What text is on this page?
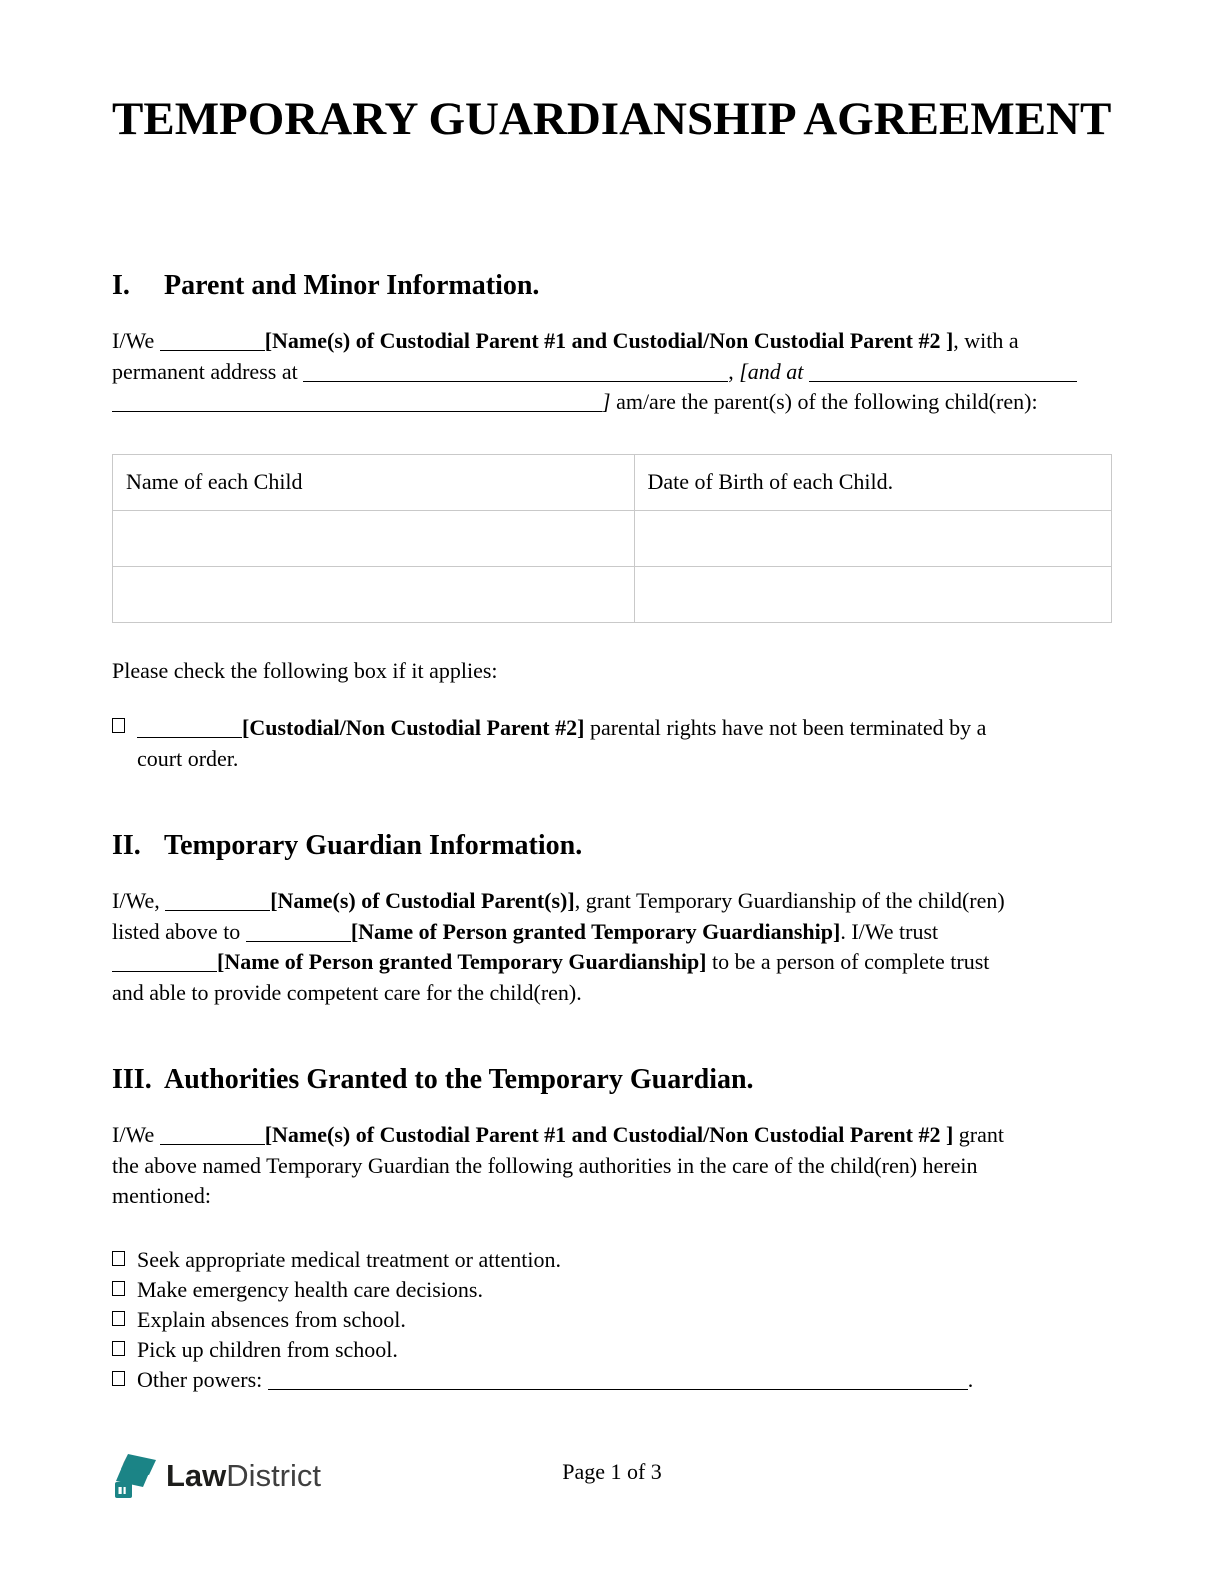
TEMPORARY GUARDIANSHIP AGREEMENT
I. Parent and Minor Information.

I/We	[Name(s) of Custodial Parent #1 and Custodial/Non Custodial Parent #2 ], with a
permanent address at	, [and at
] am/are the parent(s) of the following child(ren):

Name of each Child	Date of Birth of each Child.

Please check the following box if it applies:

[Custodial/Non Custodial Parent #2] parental rights have not been terminated by a
court order.
II. Temporary Guardian Information.

I/We,	[Name(s) of Custodial Parent(s)], grant Temporary Guardianship of the child(ren)
listed above to	[Name of Person granted Temporary Guardianship]. I/We trust
[Name of Person granted Temporary Guardianship] to be a person of complete trust
and able to provide competent care for the child(ren).

III. Authorities Granted to the Temporary Guardian.

I/We	[Name(s) of Custodial Parent #1 and Custodial/Non Custodial Parent #2 ] grant
the above named Temporary Guardian the following authorities in the care of the child(ren) herein
mentioned:

Seek appropriate medical treatment or attention.
Make emergency health care decisions.
Explain absences from school.
Pick up children from school.
Other powers:	.
Law District	Page 1 of 3
